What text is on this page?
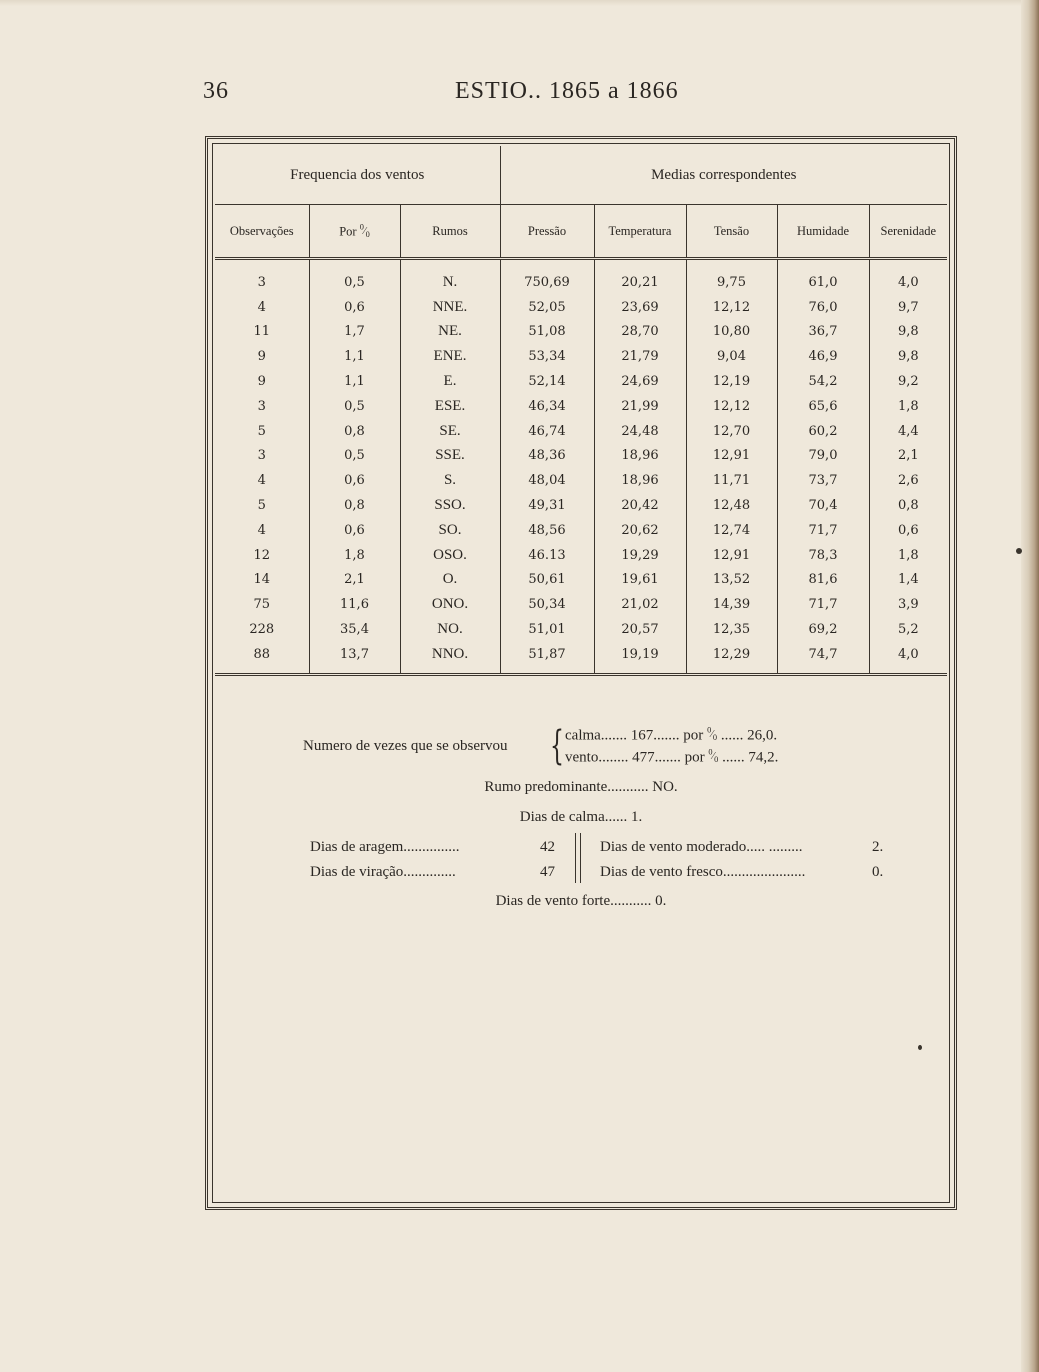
36	ESTIO.. 1865 a 1866
Frequencia dos ventos			Medias correspondentes				
Observações	Por $^0⁄_0$	Rumos	Pressão	Temperatura	Tensão	Humidade	Serenidade
3	0,5	N.	750,69	20,21	9,75	61,0	4,0
4	0,6	NNE.	52,05	23,69	12,12	76,0	9,7
11	1,7	NE.	51,08	28,70	10,80	36,7	9,8
9	1,1	ENE.	53,34	21,79	9,04	46,9	9,8
9	1,1	E.	52,14	24,69	12,19	54,2	9,2
3	0,5	ESE.	46,34	21,99	12,12	65,6	1,8
5	0,8	SE.	46,74	24,48	12,70	60,2	4,4
3	0,5	SSE.	48,36	18,96	12,91	79,0	2,1
4	0,6	S.	48,04	18,96	11,71	73,7	2,6
5	0,8	SSO.	49,31	20,42	12,48	70,4	0,8
4	0,6	SO.	48,56	20,62	12,74	71,7	0,6
12	1,8	OSO.	46.13	19,29	12,91	78,3	1,8
14	2,1	O.	50,61	19,61	13,52	81,6	1,4
75	11,6	ONO.	50,34	21,02	14,39	71,7	3,9
228	35,4	NO.	51,01	20,57	12,35	69,2	5,2
88	13,7	NNO.	51,87	19,19	12,29	74,7	4,0
Numero de vezes que se observou { calma....... 167....... por $^0⁄_0$ ...... 26,0.
vento........ 477....... por $^0⁄_0$ ...... 74,2.
Rumo predominante........... NO.
Dias de calma...... 1.
Dias de aragem...............	42
Dias de viração..............	47
Dias de vento moderado..... .........	2.
Dias de vento fresco......................	0.
Dias de vento forte........... 0.
